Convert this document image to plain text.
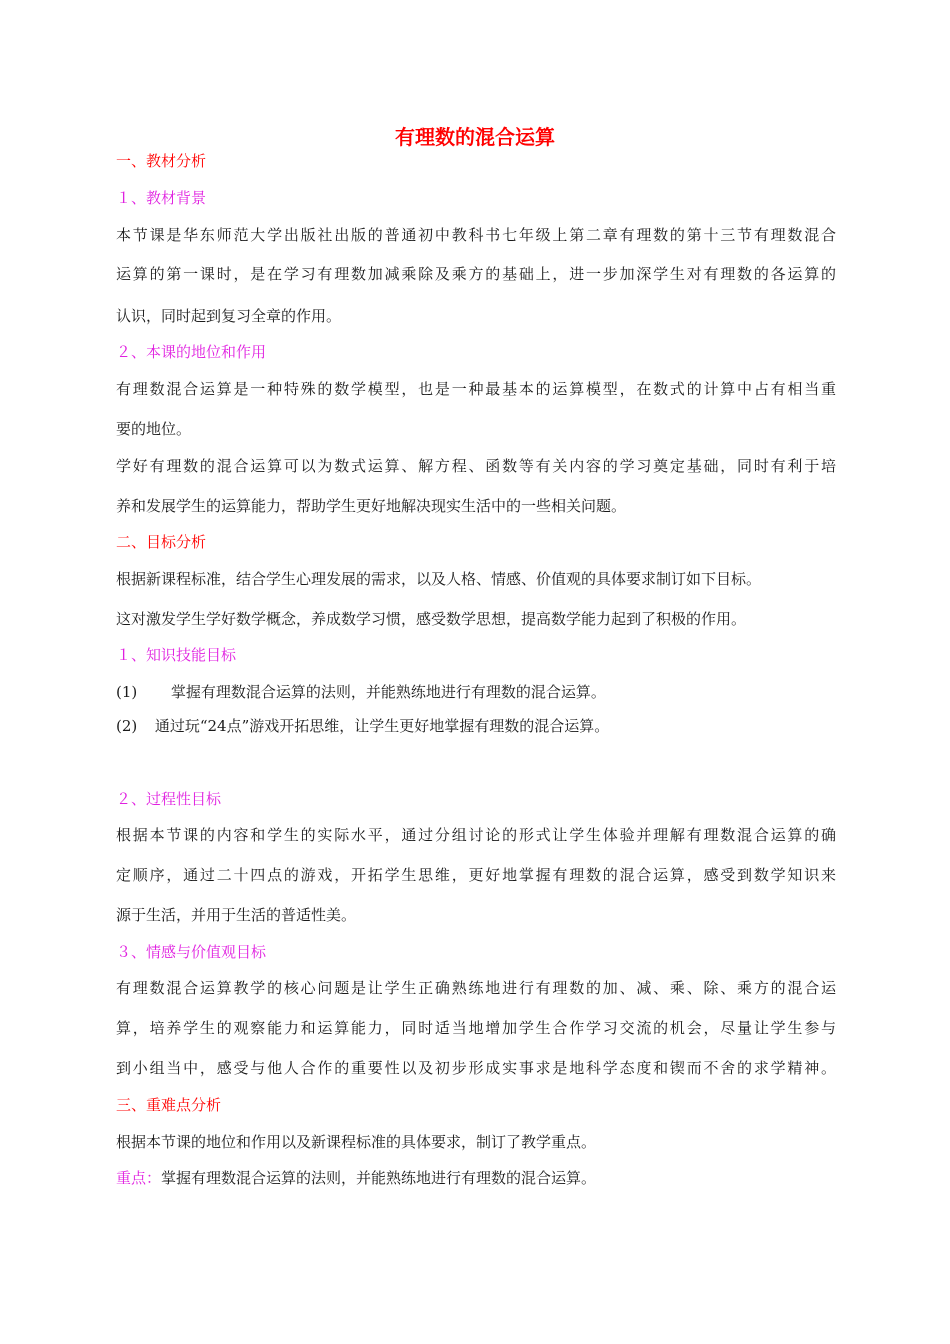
有理数的混合运算
一、教材分析
１、教材背景
本节课是华东师范大学出版社出版的普通初中教科书七年级上第二章有理数的第十三节有理数混合
运算的第一课时，是在学习有理数加减乘除及乘方的基础上，进一步加深学生对有理数的各运算的
认识，同时起到复习全章的作用。
２、本课的地位和作用
有理数混合运算是一种特殊的数学模型，也是一种最基本的运算模型，在数式的计算中占有相当重
要的地位。
学好有理数的混合运算可以为数式运算、解方程、函数等有关内容的学习奠定基础，同时有利于培
养和发展学生的运算能力，帮助学生更好地解决现实生活中的一些相关问题。
二、目标分析
根据新课程标准，结合学生心理发展的需求，以及人格、情感、价值观的具体要求制订如下目标。
这对激发学生学好数学概念，养成数学习惯，感受数学思想，提高数学能力起到了积极的作用。
１、知识技能目标
(1) 掌握有理数混合运算的法则，并能熟练地进行有理数的混合运算。
(2) 通过玩“24点”游戏开拓思维，让学生更好地掌握有理数的混合运算。
２、过程性目标
根据本节课的内容和学生的实际水平，通过分组讨论的形式让学生体验并理解有理数混合运算的确
定顺序，通过二十四点的游戏，开拓学生思维，更好地掌握有理数的混合运算，感受到数学知识来
源于生活，并用于生活的普适性美。
３、情感与价值观目标
有理数混合运算教学的核心问题是让学生正确熟练地进行有理数的加、减、乘、除、乘方的混合运
算，培养学生的观察能力和运算能力，同时适当地增加学生合作学习交流的机会，尽量让学生参与
到小组当中，感受与他人合作的重要性以及初步形成实事求是地科学态度和锲而不舍的求学精神。
三、重难点分析
根据本节课的地位和作用以及新课程标准的具体要求，制订了教学重点。
重点：掌握有理数混合运算的法则，并能熟练地进行有理数的混合运算。
